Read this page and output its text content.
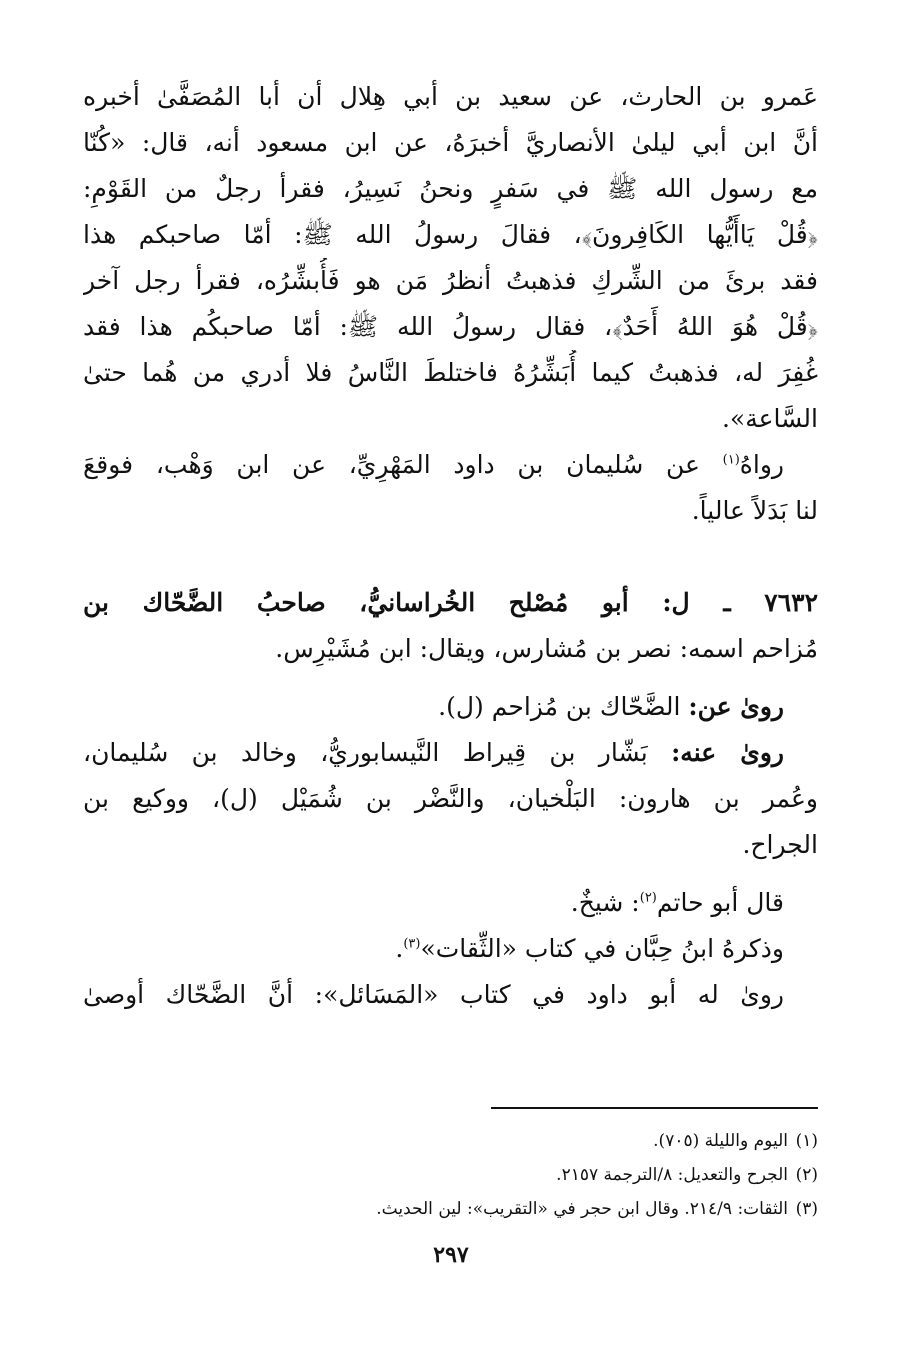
عَمرو بن الحارث، عن سعيد بن أبي هِلال أن أبا المُصَفَّىٰ أخبره
أنَّ ابن أبي ليلىٰ الأنصاريَّ أخبرَهُ، عن ابن مسعود أنه، قال: «كُنّا
مع رسول الله ﷺ في سَفرٍ ونحنُ نَسِيرُ، فقرأ رجلٌ من القَوْمِ:
﴿قُلْ يَاأَيُّها الكَافِرونَ﴾، فقالَ رسولُ الله ﷺ: أمّا صاحبكم هذا
فقد برئَ من الشِّركِ فذهبتُ أنظرُ مَن هو فَأُبشِّرُه، فقرأ رجل آخر
﴿قُلْ هُوَ اللهُ أَحَدٌ﴾، فقال رسولُ الله ﷺ: أمّا صاحبكُم هذا فقد
غُفِرَ له، فذهبتُ كيما أُبَشِّرُهُ فاختلطَ النَّاسُ فلا أدري من هُما حتىٰ
السَّاعة».
رواهُ$^{(١)}$ عن سُليمان بن داود المَهْرِيِّ، عن ابن وَهْب، فوقعَ
لنا بَدَلاً عالياً.
٧٦٣٢ ـ ل: أبو مُصْلح الخُراسانيُّ، صاحبُ الضَّحّاك بن
مُزاحم اسمه: نصر بن مُشارس، ويقال: ابن مُشَيْرِس.
روىٰ عن: الضَّحّاك بن مُزاحم (ل).
روىٰ عنه: بَشّار بن قِيراط النَّيسابوريُّ، وخالد بن سُليمان،
وعُمر بن هارون: البَلْخيان، والنَّضْر بن شُمَيْل (ل)، ووكيع بن
الجراح.
قال أبو حاتم$^{(٢)}$: شيخٌ.
وذكرهُ ابنُ حِبَّان في كتاب «الثِّقات»$^{(٣)}$.
روىٰ له أبو داود في كتاب «المَسَائل»: أنَّ الضَّحّاك أوصىٰ
(١)اليوم والليلة (٧٠٥).
(٢)الجرح والتعديل: ٨/الترجمة ٢١٥٧.
(٣)الثقات: ٢١٤/٩. وقال ابن حجر في «التقريب»: لين الحديث.
٢٩٧
